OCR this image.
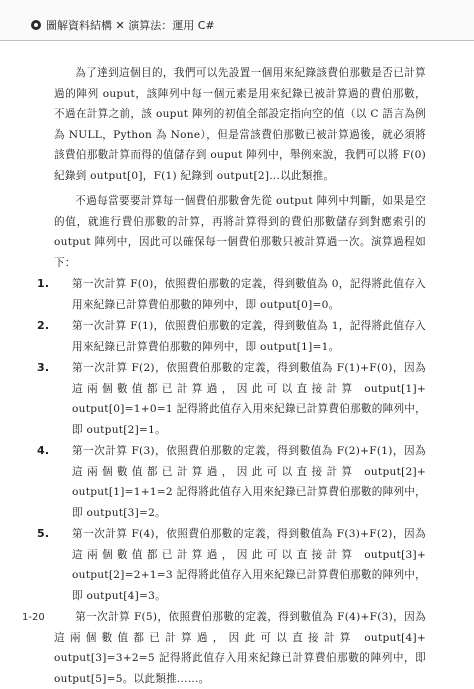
圖解資料結構 ✕ 演算法：運用 C#

為了達到這個目的，我們可以先設置一個用來紀錄該費伯那數是否已計算過的陣列 ouput，該陣列中每一個元素是用來紀錄已被計算過的費伯那數，不過在計算之前，該 ouput 陣列的初值全部設定指向空的值（以 C 語言為例為 NULL，Python 為 None），但是當該費伯那數已被計算過後，就必須將該費伯那數計算而得的值儲存到 ouput 陣列中，舉例來說，我們可以將 F(0) 紀錄到 output[0]，F(1) 紀錄到 output[2]…以此類推。

不過每當要要計算每一個費伯那數會先從 output 陣列中判斷，如果是空的值，就進行費伯那數的計算，再將計算得到的費伯那數儲存到對應索引的 output 陣列中，因此可以確保每一個費伯那數只被計算過一次。演算過程如下：

1. 第一次計算 F(0)，依照費伯那數的定義，得到數值為 0，記得將此值存入用來紀錄已計算費伯那數的陣列中，即 output[0]=0。
2. 第一次計算 F(1)，依照費伯那數的定義，得到數值為 1，記得將此值存入用來紀錄已計算費伯那數的陣列中，即 output[1]=1。
3. 第一次計算 F(2)，依照費伯那數的定義，得到數值為 F(1)+F(0)，因為這兩個數值都已計算過，因此可以直接計算 output[1]+ output[0]=1+0=1 記得將此值存入用來紀錄已計算費伯那數的陣列中，即 output[2]=1。
4. 第一次計算 F(3)，依照費伯那數的定義，得到數值為 F(2)+F(1)，因為這兩個數值都已計算過，因此可以直接計算 output[2]+ output[1]=1+1=2 記得將此值存入用來紀錄已計算費伯那數的陣列中，即 output[3]=2。
5. 第一次計算 F(4)，依照費伯那數的定義，得到數值為 F(3)+F(2)，因為這兩個數值都已計算過，因此可以直接計算 output[3]+ output[2]=2+1=3 記得將此值存入用來紀錄已計算費伯那數的陣列中，即 output[4]=3。

第一次計算 F(5)，依照費伯那數的定義，得到數值為 F(4)+F(3)，因為這兩個數值都已計算過，因此可以直接計算 output[4]+ output[3]=3+2=5 記得將此值存入用來紀錄已計算費伯那數的陣列中，即 output[5]=5。以此類推……。

1-20
